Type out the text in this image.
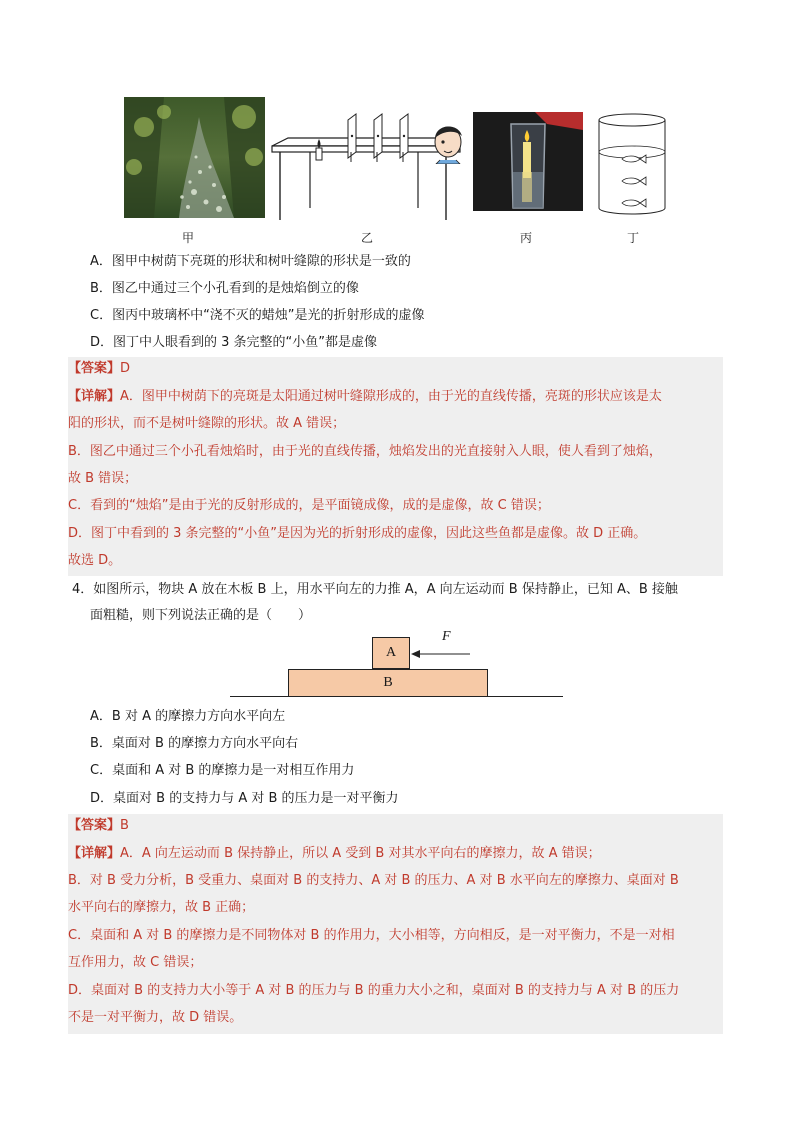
甲	乙	丙	丁
A．图甲中树荫下亮斑的形状和树叶缝隙的形状是一致的
B．图乙中通过三个小孔看到的是烛焰倒立的像
C．图丙中玻璃杯中“浇不灭的蜡烛”是光的折射形成的虚像
D．图丁中人眼看到的 3 条完整的“小鱼”都是虚像
【答案】D
【详解】A．图甲中树荫下的亮斑是太阳通过树叶缝隙形成的，由于光的直线传播，亮斑的形状应该是太
阳的形状，而不是树叶缝隙的形状。故 A 错误；
B．图乙中通过三个小孔看烛焰时，由于光的直线传播，烛焰发出的光直接射入人眼，使人看到了烛焰，
故 B 错误；
C．看到的“烛焰”是由于光的反射形成的，是平面镜成像，成的是虚像，故 C 错误；
D．图丁中看到的 3 条完整的“小鱼”是因为光的折射形成的虚像，因此这些鱼都是虚像。故 D 正确。
故选 D。
4．如图所示，物块 A 放在木板 B 上，用水平向左的力推 A，A 向左运动而 B 保持静止，已知 A、B 接触
面粗糙，则下列说法正确的是（　　）
A
B
F
A．B 对 A 的摩擦力方向水平向左
B．桌面对 B 的摩擦力方向水平向右
C．桌面和 A 对 B 的摩擦力是一对相互作用力
D．桌面对 B 的支持力与 A 对 B 的压力是一对平衡力
【答案】B
【详解】A．A 向左运动而 B 保持静止，所以 A 受到 B 对其水平向右的摩擦力，故 A 错误；
B．对 B 受力分析，B 受重力、桌面对 B 的支持力、A 对 B 的压力、A 对 B 水平向左的摩擦力、桌面对 B
水平向右的摩擦力，故 B 正确；
C．桌面和 A 对 B 的摩擦力是不同物体对 B 的作用力，大小相等，方向相反，是一对平衡力，不是一对相
互作用力，故 C 错误；
D．桌面对 B 的支持力大小等于 A 对 B 的压力与 B 的重力大小之和，桌面对 B 的支持力与 A 对 B 的压力
不是一对平衡力，故 D 错误。
